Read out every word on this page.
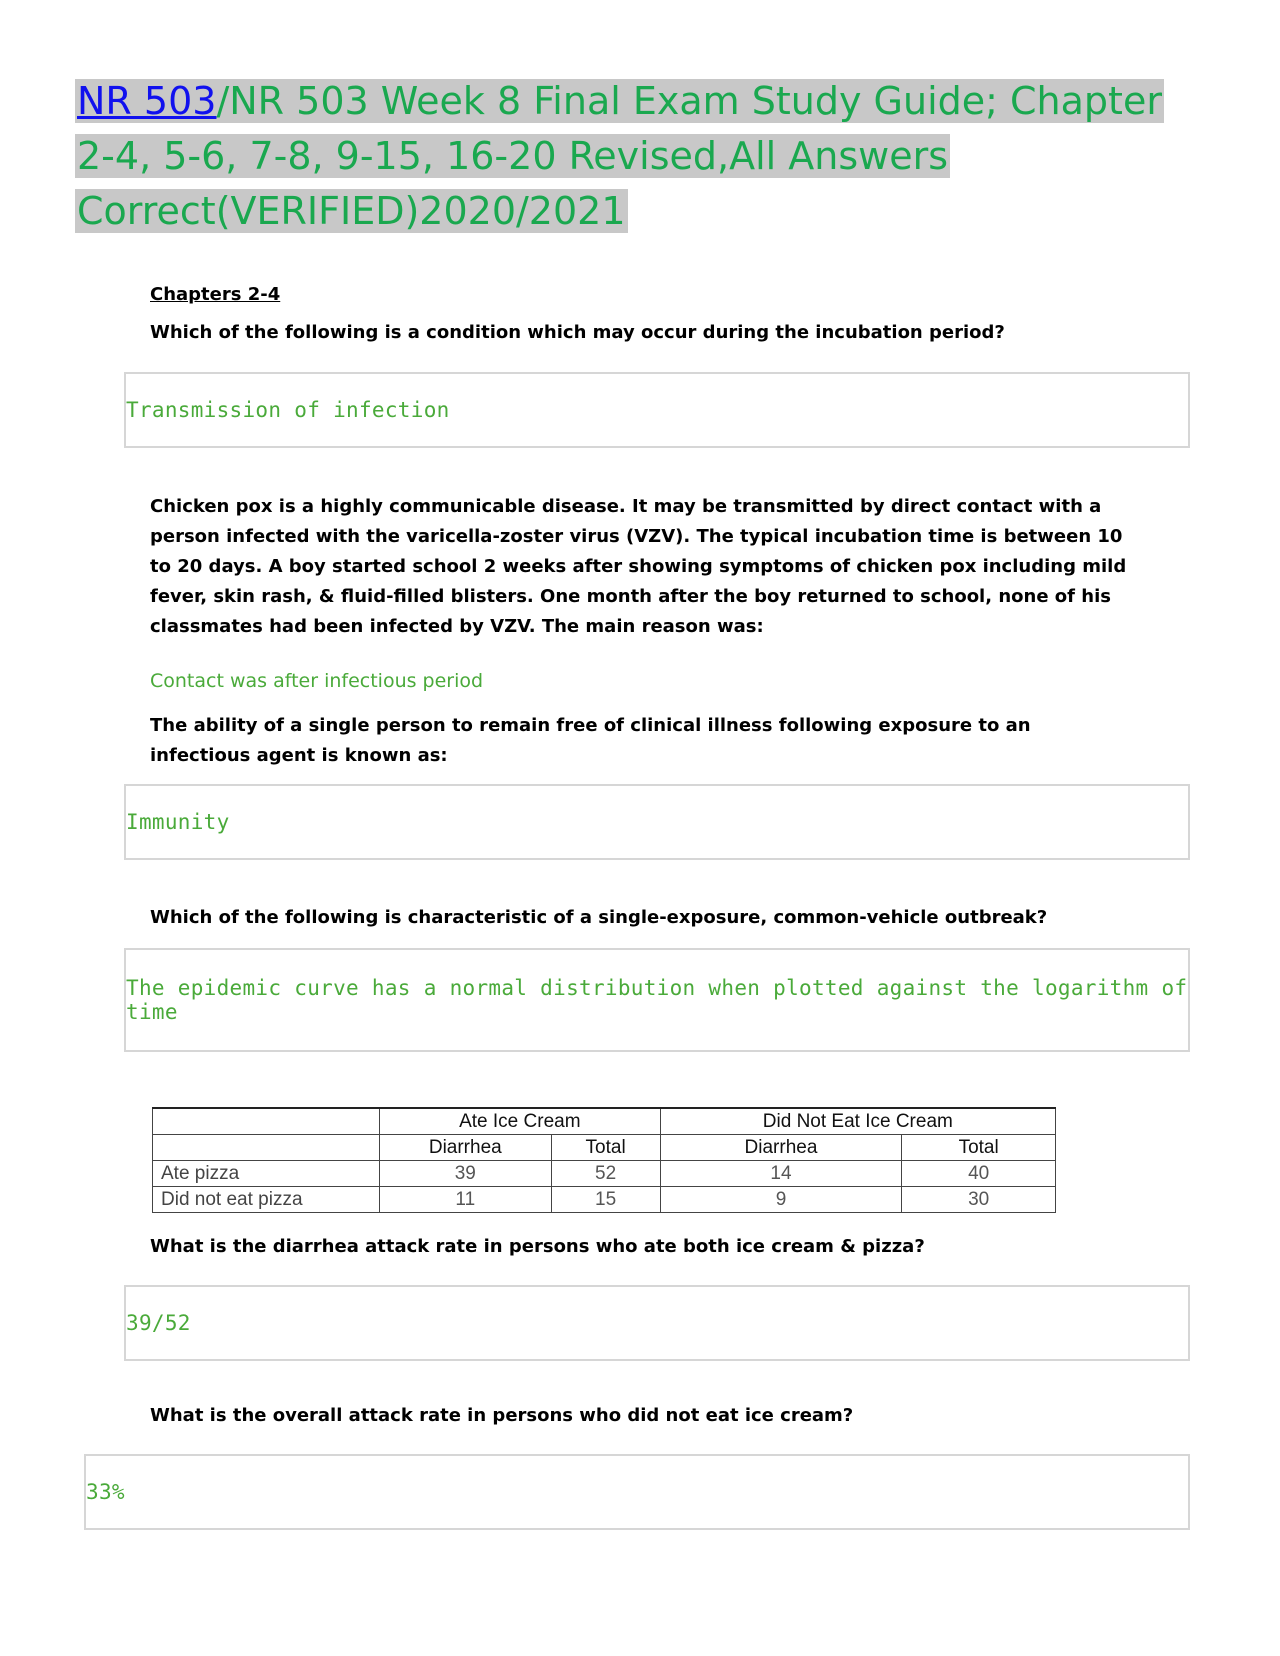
NR 503/NR 503 Week 8 Final Exam Study Guide; Chapter 2-4, 5-6, 7-8, 9-15, 16-20 Revised,All Answers Correct(VERIFIED)2020/2021

Chapters 2-4

Which of the following is a condition which may occur during the incubation period?

Transmission of infection

Chicken pox is a highly communicable disease. It may be transmitted by direct contact with a person infected with the varicella-zoster virus (VZV). The typical incubation time is between 10 to 20 days. A boy started school 2 weeks after showing symptoms of chicken pox including mild fever, skin rash, & fluid-filled blisters. One month after the boy returned to school, none of his classmates had been infected by VZV. The main reason was:

Contact was after infectious period

The ability of a single person to remain free of clinical illness following exposure to an infectious agent is known as:

Immunity

Which of the following is characteristic of a single-exposure, common-vehicle outbreak?

The epidemic curve has a normal distribution when plotted against the logarithm of time
	Ate Ice Cream		Did Not Eat Ice Cream	
	Diarrhea	Total	Diarrhea	Total
Ate pizza	39	52	14	40
Did not eat pizza	11	15	9	30

What is the diarrhea attack rate in persons who ate both ice cream & pizza?

39/52

What is the overall attack rate in persons who did not eat ice cream?

33%
